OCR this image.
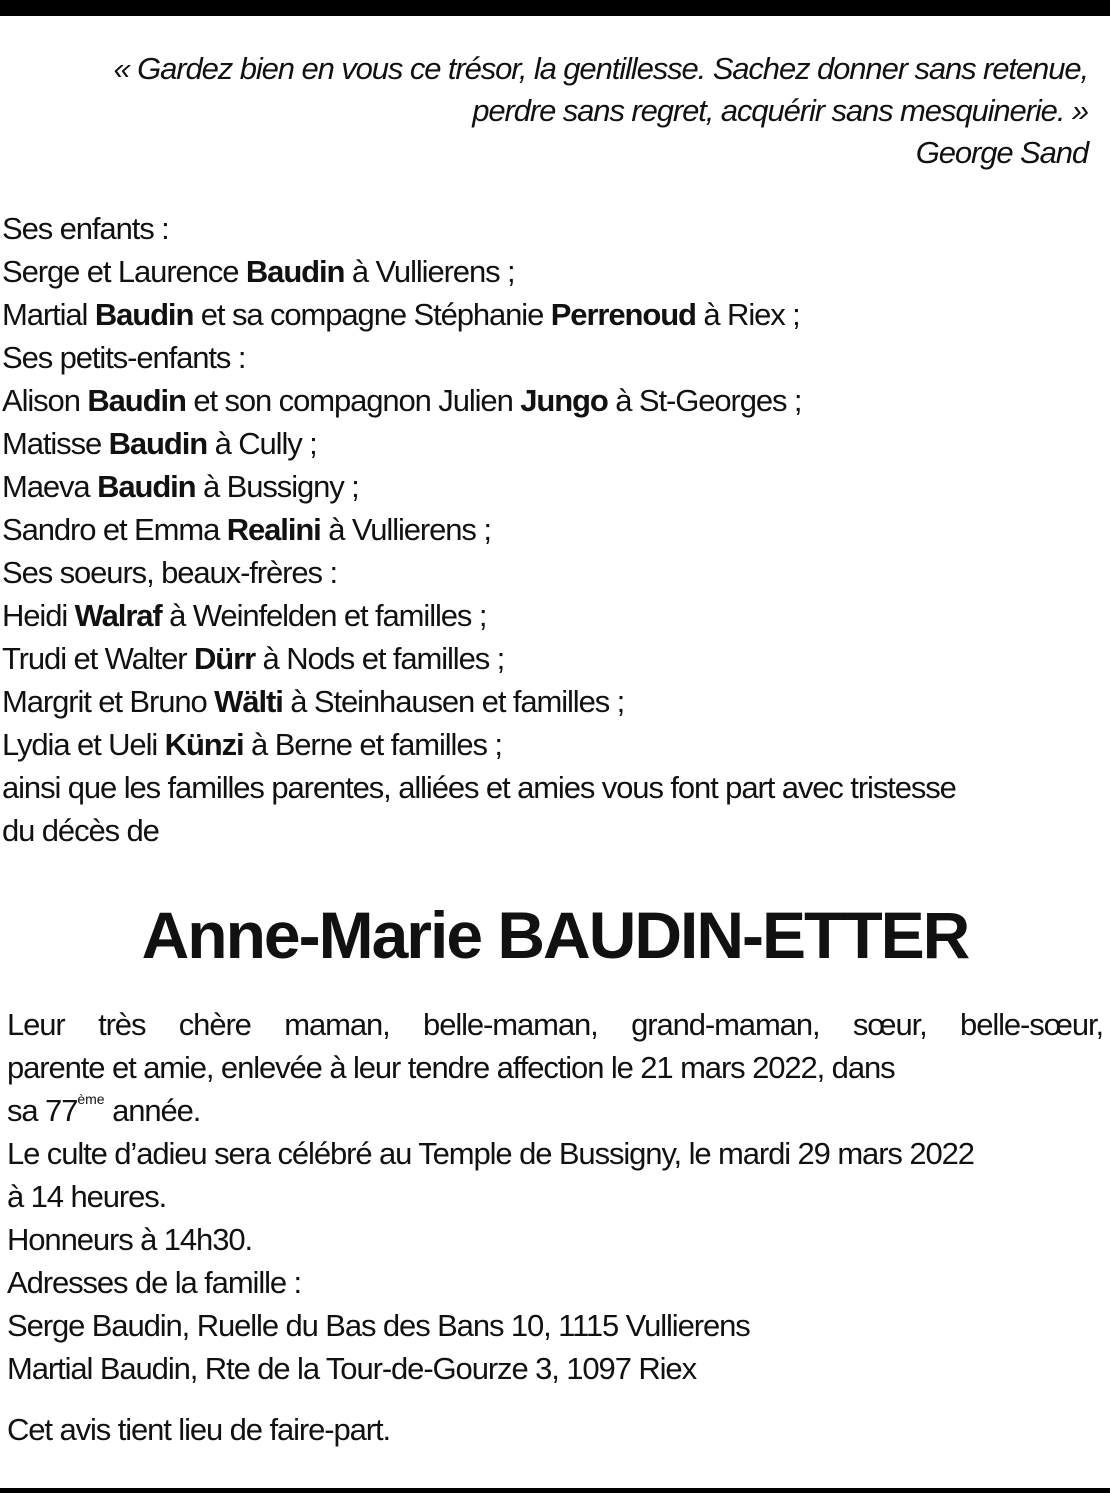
« Gardez bien en vous ce trésor, la gentillesse. Sachez donner sans retenue,
perdre sans regret, acquérir sans mesquinerie. »
George Sand
Ses enfants :
Serge et Laurence Baudin à Vullierens ;
Martial Baudin et sa compagne Stéphanie Perrenoud à Riex ;
Ses petits-enfants :
Alison Baudin et son compagnon Julien Jungo à St-Georges ;
Matisse Baudin à Cully ;
Maeva Baudin à Bussigny ;
Sandro et Emma Realini à Vullierens ;
Ses soeurs, beaux-frères :
Heidi Walraf à Weinfelden et familles ;
Trudi et Walter Dürr à Nods et familles ;
Margrit et Bruno Wälti à Steinhausen et familles ;
Lydia et Ueli Künzi à Berne et familles ;
ainsi que les familles parentes, alliées et amies vous font part avec tristesse
du décès de
Anne-Marie BAUDIN-ETTER
Leur très chère maman, belle-maman, grand-maman, sœur, belle-sœur,
parente et amie, enlevée à leur tendre affection le 21 mars 2022, dans
sa 77ème année.
Le culte d’adieu sera célébré au Temple de Bussigny, le mardi 29 mars 2022
à 14 heures.
Honneurs à 14h30.
Adresses de la famille :
Serge Baudin, Ruelle du Bas des Bans 10, 1115 Vullierens
Martial Baudin, Rte de la Tour-de-Gourze 3, 1097 Riex
Cet avis tient lieu de faire-part.
